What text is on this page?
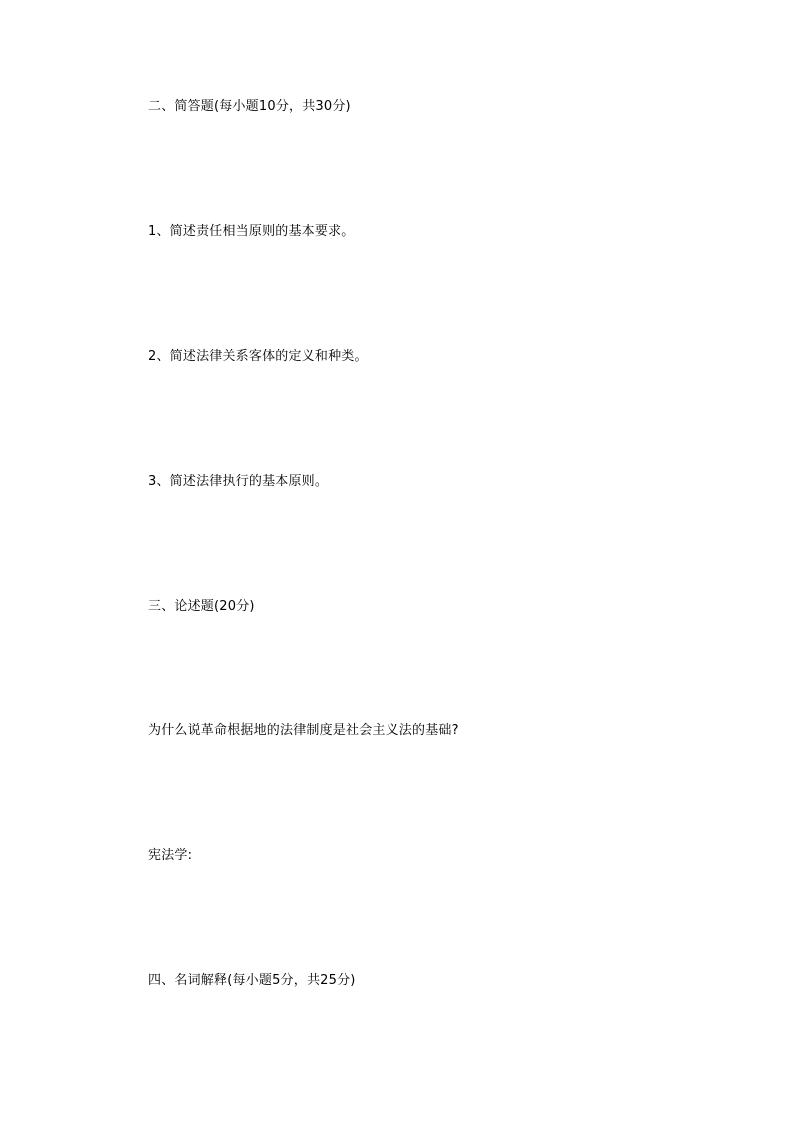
二、简答题(每小题10分，共30分)
1、简述责任相当原则的基本要求。
2、简述法律关系客体的定义和种类。
3、简述法律执行的基本原则。
三、论述题(20分)
为什么说革命根据地的法律制度是社会主义法的基础?
宪法学:
四、名词解释(每小题5分，共25分)
